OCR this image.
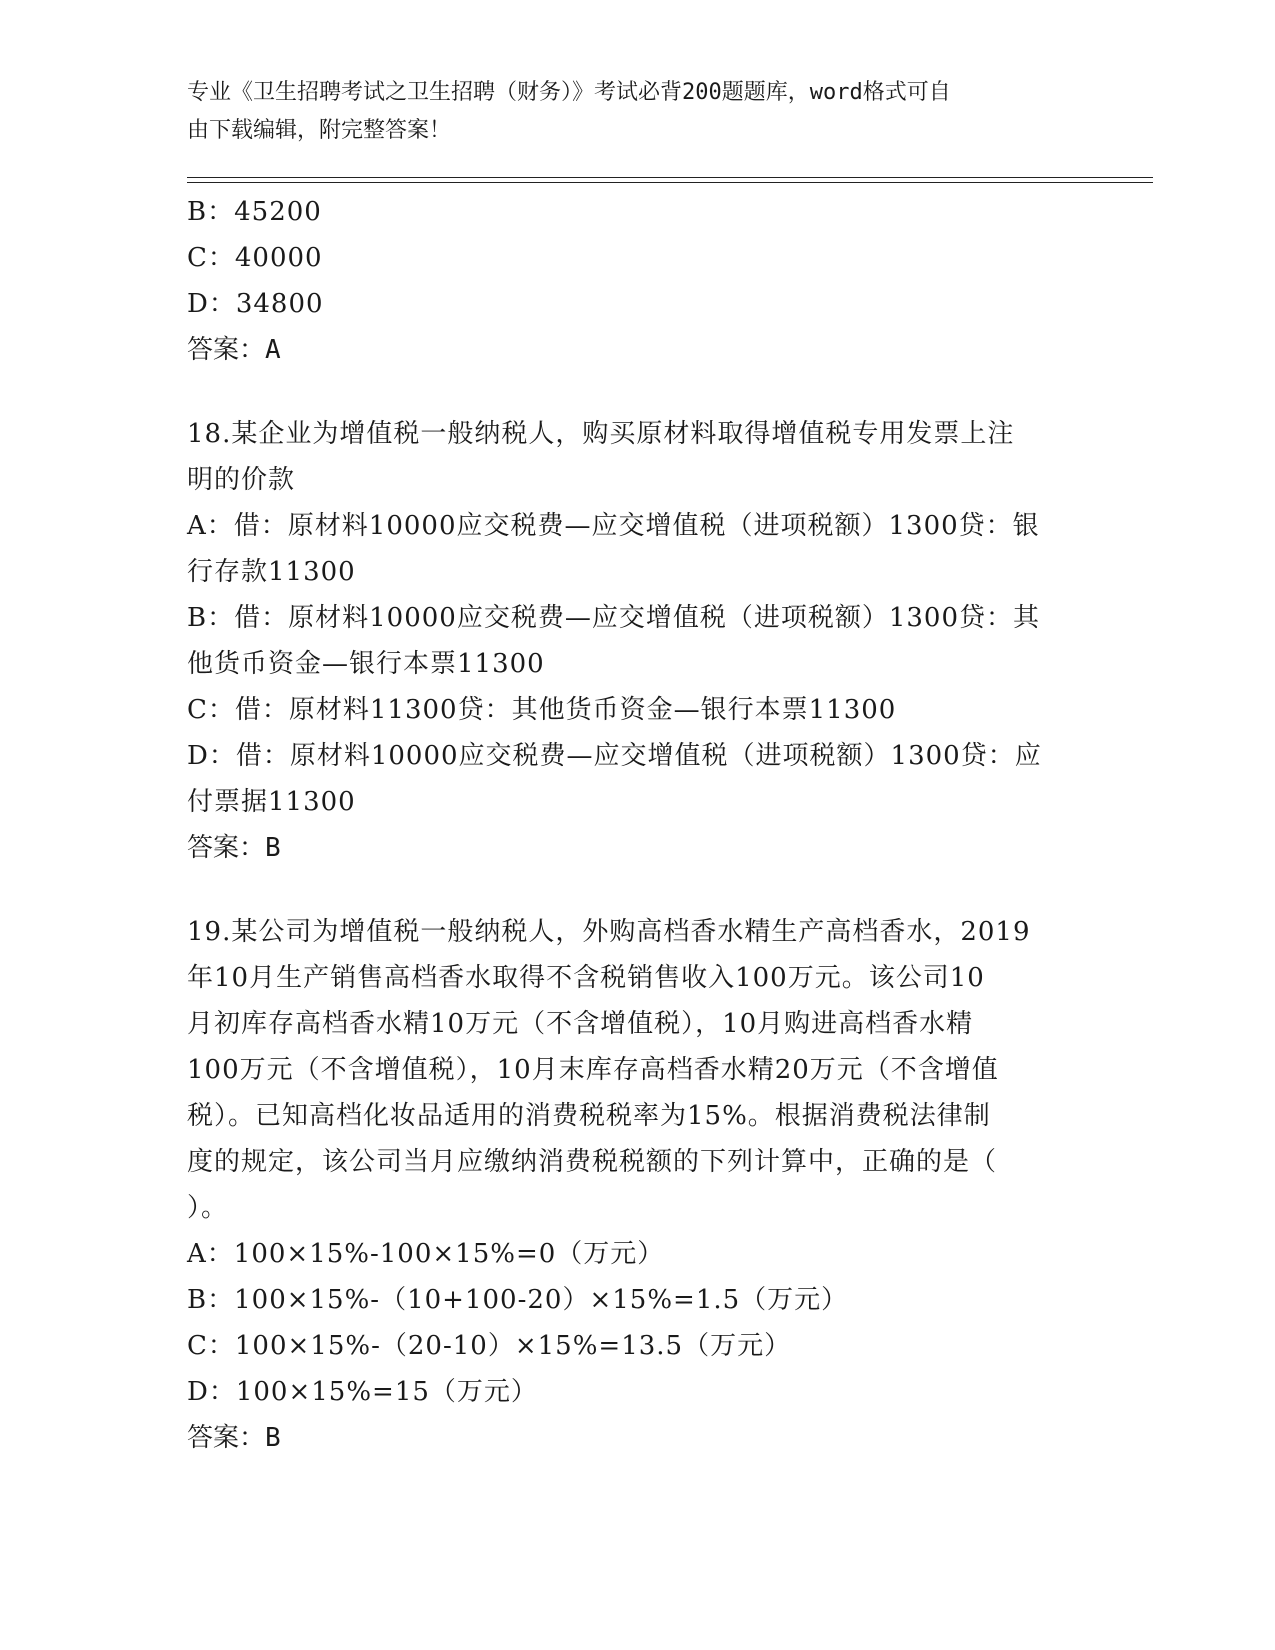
专业《卫生招聘考试之卫生招聘（财务）》考试必背200题题库，word格式可自
由下载编辑，附完整答案！
B：45200
C：40000
D：34800
答案：A
18.某企业为增值税一般纳税人，购买原材料取得增值税专用发票上注
明的价款
A：借：原材料10000应交税费—应交增值税（进项税额）1300贷：银
行存款11300
B：借：原材料10000应交税费—应交增值税（进项税额）1300贷：其
他货币资金—银行本票11300
C：借：原材料11300贷：其他货币资金—银行本票11300
D：借：原材料10000应交税费—应交增值税（进项税额）1300贷：应
付票据11300
答案：B
19.某公司为增值税一般纳税人，外购高档香水精生产高档香水，2019
年10月生产销售高档香水取得不含税销售收入100万元。该公司10
月初库存高档香水精10万元（不含增值税），10月购进高档香水精
100万元（不含增值税），10月末库存高档香水精20万元（不含增值
税）。已知高档化妆品适用的消费税税率为15%。根据消费税法律制
度的规定，该公司当月应缴纳消费税税额的下列计算中，正确的是（
）。
A：100×15%-100×15%=0（万元）
B：100×15%-（10+100-20）×15%=1.5（万元）
C：100×15%-（20-10）×15%=13.5（万元）
D：100×15%=15（万元）
答案：B
